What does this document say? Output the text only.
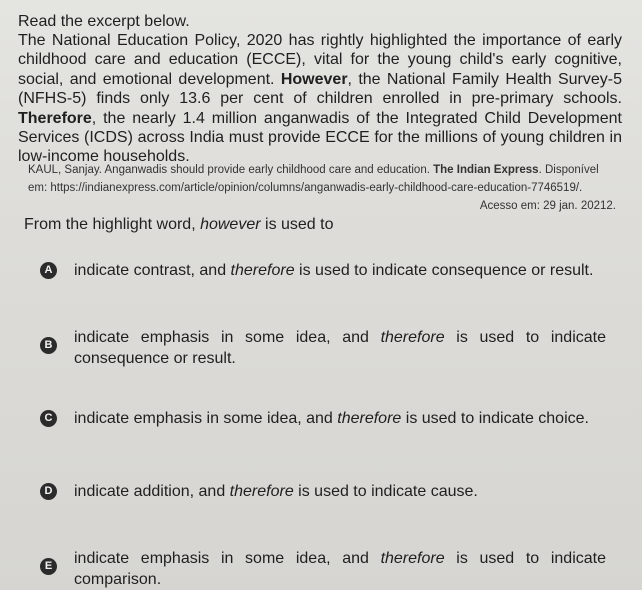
Read the excerpt below.

The National Education Policy, 2020 has rightly highlighted the importance of early childhood care and education (ECCE), vital for the young child's early cognitive, social, and emotional development. However, the National Family Health Survey-5 (NFHS-5) finds only 13.6 per cent of children enrolled in pre-primary schools. Therefore, the nearly 1.4 million anganwadis of the Integrated Child Development Services (ICDS) across India must provide ECCE for the millions of young children in low-income households.

KAUL, Sanjay. Anganwadis should provide early childhood care and education. The Indian Express. Disponível em: https://indianexpress.com/article/opinion/columns/anganwadis-early-childhood-care-education-7746519/.
Acesso em: 29 jan. 20212.
From the highlight word, however is used to
A indicate contrast, and therefore is used to indicate consequence or result.
B indicate emphasis in some idea, and therefore is used to indicate consequence or result.
C indicate emphasis in some idea, and therefore is used to indicate choice.
D indicate addition, and therefore is used to indicate cause.
E	indicate emphasis in some idea, and therefore is used to indicate comparison.
